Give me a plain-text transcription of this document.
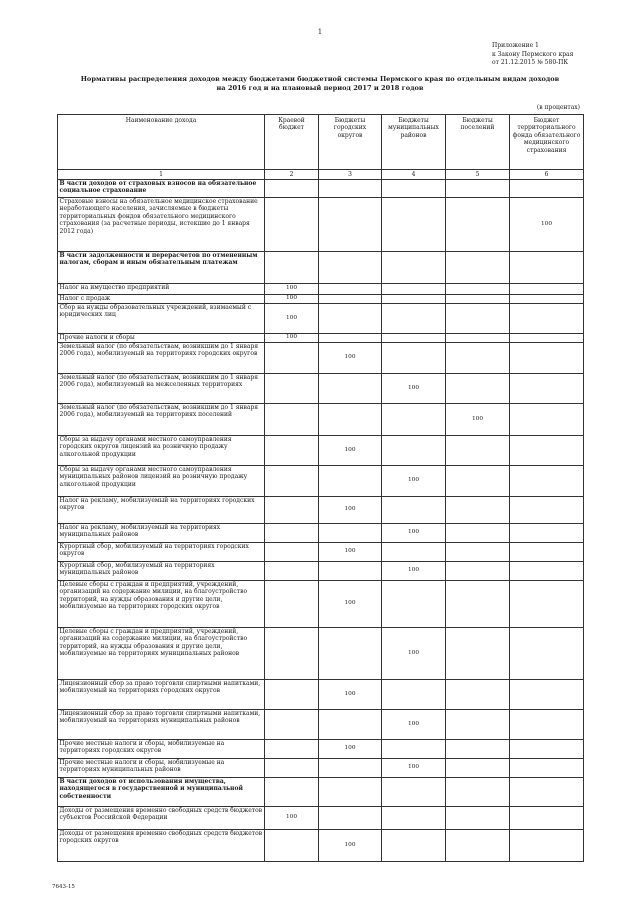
1
Приложение 1
к Закону Пермского края
от 21.12.2015 № 580-ПК
Нормативы распределения доходов между бюджетами бюджетной системы Пермского края по отдельным видам доходов
на 2016 год и на плановый период 2017 и 2018 годов
(в процентах)
Наименование дохода	Краевой бюджет	Бюджеты городских округов	Бюджеты муниципальных районов	Бюджеты поселений	Бюджет территориального фонда обязательного медицинского страхования
1	2	3	4	5	6
В части доходов от страховых взносов на обязательное социальное страхование					
Страховые взносы на обязательное медицинское страхование неработающего населения, зачисляемые в бюджеты территориальных фондов обязательного медицинского страхования (за расчетные периоды, истекшие до 1 января 2012 года)					100
В части задолженности и перерасчетов по отмененным налогам, сборам и иным обязательным платежам					
Налог на имущество предприятий	100				
Налог с продаж	100				
Сбор на нужды образовательных учреждений, взимаемый с юридических лиц	100				
Прочие налоги и сборы	100				
Земельный налог (по обязательствам, возникшим до 1 января 2006 года), мобилизуемый на территориях городских округов		100			
Земельный налог (по обязательствам, возникшим до 1 января 2006 года), мобилизуемый на межселенных территориях			100		
Земельный налог (по обязательствам, возникшим до 1 января 2006 года), мобилизуемый на территориях поселений				100	
Сборы за выдачу органами местного самоуправления городских округов лицензий на розничную продажу алкогольной продукции		100			
Сборы за выдачу органами местного самоуправления муниципальных районов лицензий на розничную продажу алкогольной продукции			100		
Налог на рекламу, мобилизуемый на территориях городских округов		100			
Налог на рекламу, мобилизуемый на территориях муниципальных районов			100		
Курортный сбор, мобилизуемый на территориях городских округов		100			
Курортный сбор, мобилизуемый на территориях муниципальных районов			100		
Целевые сборы с граждан и предприятий, учреждений, организаций на содержание милиции, на благоустройство территорий, на нужды образования и другие цели, мобилизуемые на территориях городских округов		100			
Целевые сборы с граждан и предприятий, учреждений, организаций на содержание милиции, на благоустройство территорий, на нужды образования и другие цели, мобилизуемые на территориях муниципальных районов			100		
Лицензионный сбор за право торговли спиртными напитками, мобилизуемый на территориях городских округов		100			
Лицензионный сбор за право торговли спиртными напитками, мобилизуемый на территориях муниципальных районов			100		
Прочие местные налоги и сборы, мобилизуемые на территориях городских округов		100			
Прочие местные налоги и сборы, мобилизуемые на территориях муниципальных районов			100		
В части доходов от использования имущества, находящегося в государственной и муниципальной собственности					
Доходы от размещения временно свободных средств бюджетов субъектов Российской Федерации	100				
Доходы от размещения временно свободных средств бюджетов городских округов		100			
7643-15
